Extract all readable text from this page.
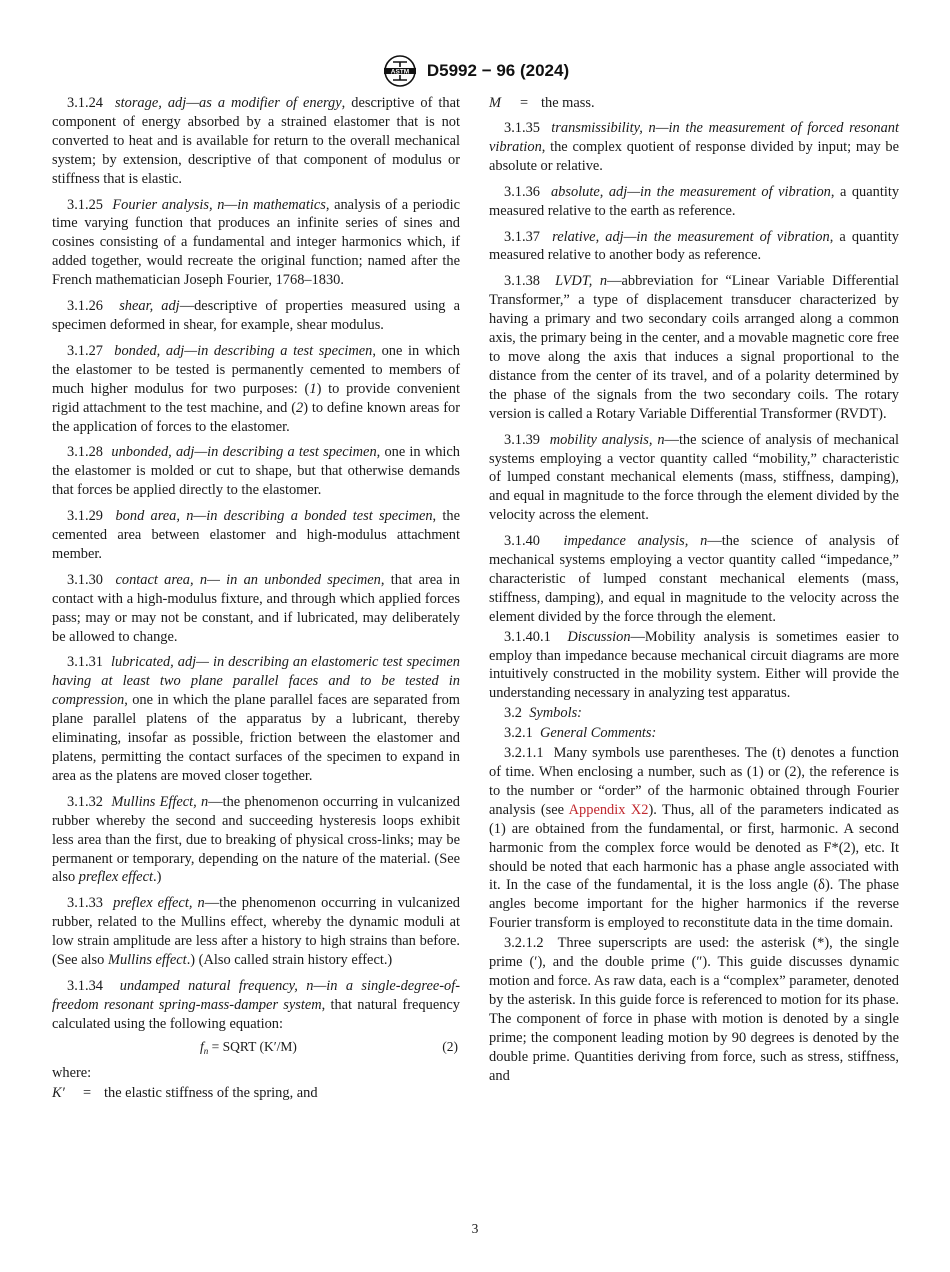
ASTM D5992 − 96 (2024)

3.1.24 storage, adj—as a modifier of energy, descriptive of that component of energy absorbed by a strained elastomer that is not converted to heat and is available for return to the overall mechanical system; by extension, descriptive of that component of modulus or stiffness that is elastic.

3.1.25 Fourier analysis, n—in mathematics, analysis of a periodic time varying function that produces an infinite series of sines and cosines consisting of a fundamental and integer harmonics which, if added together, would recreate the original function; named after the French mathematician Joseph Fourier, 1768–1830.

3.1.26 shear, adj—descriptive of properties measured using a specimen deformed in shear, for example, shear modulus.

3.1.27 bonded, adj—in describing a test specimen, one in which the elastomer to be tested is permanently cemented to members of much higher modulus for two purposes: (1) to provide convenient rigid attachment to the test machine, and (2) to define known areas for the application of forces to the elastomer.

3.1.28 unbonded, adj—in describing a test specimen, one in which the elastomer is molded or cut to shape, but that otherwise demands that forces be applied directly to the elastomer.

3.1.29 bond area, n—in describing a bonded test specimen, the cemented area between elastomer and high-modulus attachment member.

3.1.30 contact area, n— in an unbonded specimen, that area in contact with a high-modulus fixture, and through which applied forces pass; may or may not be constant, and if lubricated, may deliberately be allowed to change.

3.1.31 lubricated, adj— in describing an elastomeric test specimen having at least two plane parallel faces and to be tested in compression, one in which the plane parallel faces are separated from plane parallel platens of the apparatus by a lubricant, thereby eliminating, insofar as possible, friction between the elastomer and platens, permitting the contact surfaces of the specimen to expand in area as the platens are moved closer together.

3.1.32 Mullins Effect, n—the phenomenon occurring in vulcanized rubber whereby the second and succeeding hysteresis loops exhibit less area than the first, due to breaking of physical cross-links; may be permanent or temporary, depending on the nature of the material. (See also preflex effect.)

3.1.33 preflex effect, n—the phenomenon occurring in vulcanized rubber, related to the Mullins effect, whereby the dynamic moduli at low strain amplitude are less after a history to high strains than before. (See also Mullins effect.) (Also called strain history effect.)

3.1.34 undamped natural frequency, n—in a single-degree-of-freedom resonant spring-mass-damper system, that natural frequency calculated using the following equation:

$f_n$ = SQRT (K′/M)	(2)

where:

K′ = the elastic stiffness of the spring, and
M = the mass.

3.1.35 transmissibility, n—in the measurement of forced resonant vibration, the complex quotient of response divided by input; may be absolute or relative.

3.1.36 absolute, adj—in the measurement of vibration, a quantity measured relative to the earth as reference.

3.1.37 relative, adj—in the measurement of vibration, a quantity measured relative to another body as reference.

3.1.38 LVDT, n—abbreviation for “Linear Variable Differential Transformer,” a type of displacement transducer characterized by having a primary and two secondary coils arranged along a common axis, the primary being in the center, and a movable magnetic core free to move along the axis that induces a signal proportional to the distance from the center of its travel, and of a polarity determined by the phase of the signals from the two secondary coils. The rotary version is called a Rotary Variable Differential Transformer (RVDT).

3.1.39 mobility analysis, n—the science of analysis of mechanical systems employing a vector quantity called “mobility,” characteristic of lumped constant mechanical elements (mass, stiffness, damping), and equal in magnitude to the force through the element divided by the velocity across the element.

3.1.40 impedance analysis, n—the science of analysis of mechanical systems employing a vector quantity called “impedance,” characteristic of lumped constant mechanical elements (mass, stiffness, damping), and equal in magnitude to the velocity across the element divided by the force through the element.

3.1.40.1 Discussion—Mobility analysis is sometimes easier to employ than impedance because mechanical circuit diagrams are more intuitively constructed in the mobility system. Either will provide the understanding necessary in analyzing test apparatus.

3.2 Symbols:

3.2.1 General Comments:

3.2.1.1 Many symbols use parentheses. The (t) denotes a function of time. When enclosing a number, such as (1) or (2), the reference is to the number or “order” of the harmonic obtained through Fourier analysis (see Appendix X2). Thus, all of the parameters indicated as (1) are obtained from the fundamental, or first, harmonic. A second harmonic from the complex force would be denoted as F*(2), etc. It should be noted that each harmonic has a phase angle associated with it. In the case of the fundamental, it is the loss angle (δ). The phase angles become important for the higher harmonics if the reverse Fourier transform is employed to reconstitute data in the time domain.

3.2.1.2 Three superscripts are used: the asterisk (*), the single prime (′), and the double prime (″). This guide discusses dynamic motion and force. As raw data, each is a “complex” parameter, denoted by the asterisk. In this guide force is referenced to motion for its phase. The component of force in phase with motion is denoted by a single prime; the component leading motion by 90 degrees is denoted by the double prime. Quantities deriving from force, such as stress, stiffness, and

3
